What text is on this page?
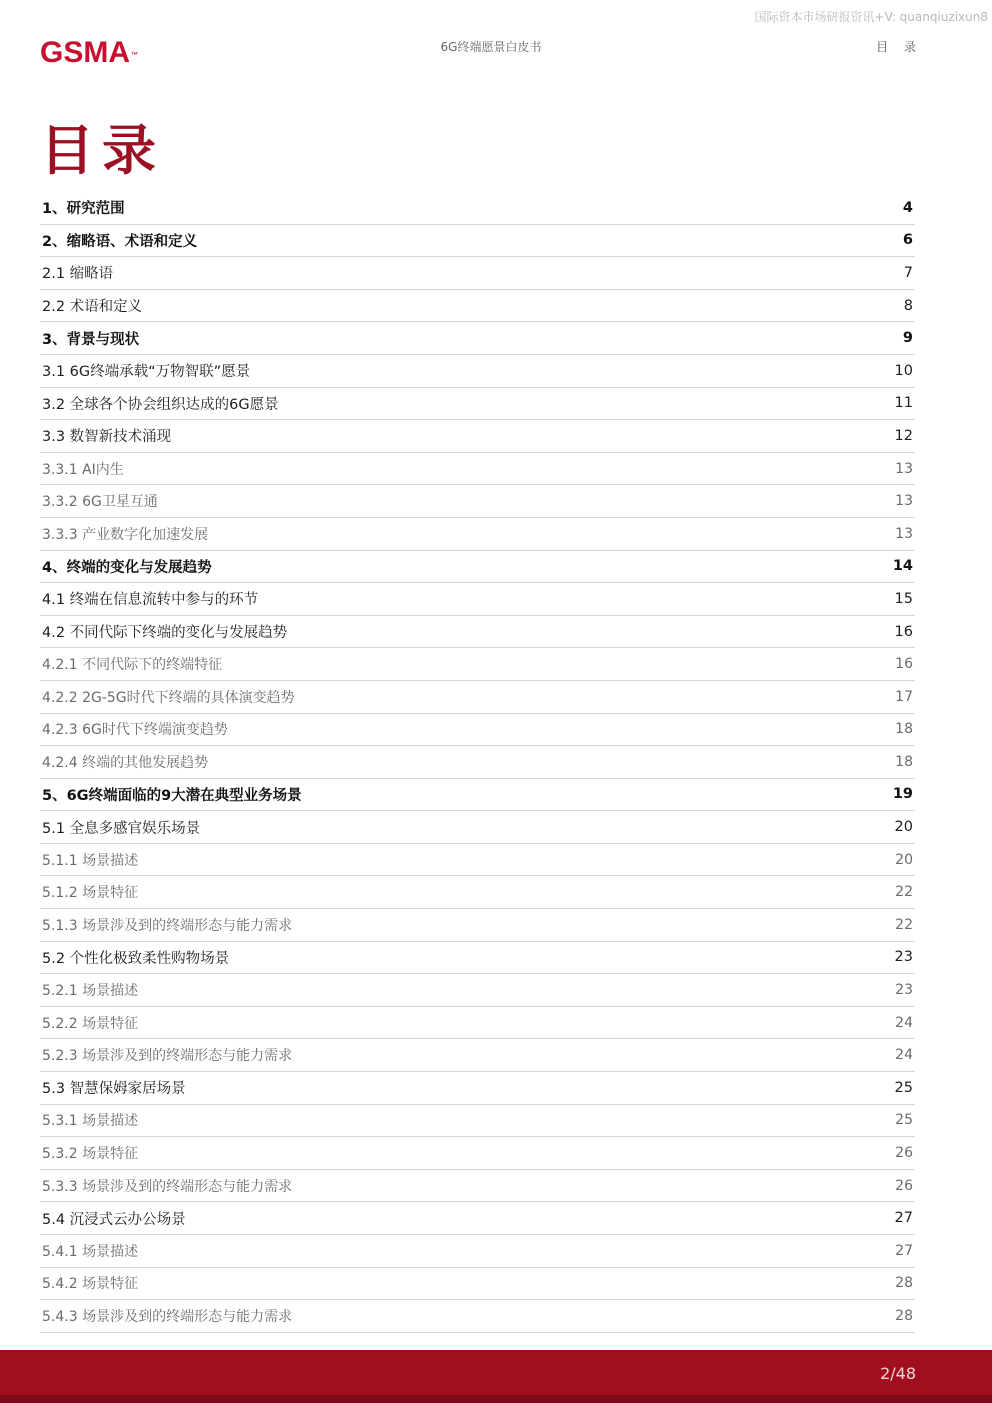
国际资本市场研报资讯+V: quanqiuzixun8
GSMA™
6G终端愿景白皮书	目 录
目录
1、研究范围	4
2、缩略语、术语和定义	6
2.1 缩略语	7
2.2 术语和定义	8
3、背景与现状	9
3.1 6G终端承载“万物智联”愿景	10
3.2 全球各个协会组织达成的6G愿景	11
3.3 数智新技术涌现	12
3.3.1 AI内生	13
3.3.2 6G卫星互通	13
3.3.3 产业数字化加速发展	13
4、终端的变化与发展趋势	14
4.1 终端在信息流转中参与的环节	15
4.2 不同代际下终端的变化与发展趋势	16
4.2.1 不同代际下的终端特征	16
4.2.2 2G-5G时代下终端的具体演变趋势	17
4.2.3 6G时代下终端演变趋势	18
4.2.4 终端的其他发展趋势	18
5、6G终端面临的9大潜在典型业务场景	19
5.1 全息多感官娱乐场景	20
5.1.1 场景描述	20
5.1.2 场景特征	22
5.1.3 场景涉及到的终端形态与能力需求	22
5.2 个性化极致柔性购物场景	23
5.2.1 场景描述	23
5.2.2 场景特征	24
5.2.3 场景涉及到的终端形态与能力需求	24
5.3 智慧保姆家居场景	25
5.3.1 场景描述	25
5.3.2 场景特征	26
5.3.3 场景涉及到的终端形态与能力需求	26
5.4 沉浸式云办公场景	27
5.4.1 场景描述	27
5.4.2 场景特征	28
5.4.3 场景涉及到的终端形态与能力需求	28
2/48
